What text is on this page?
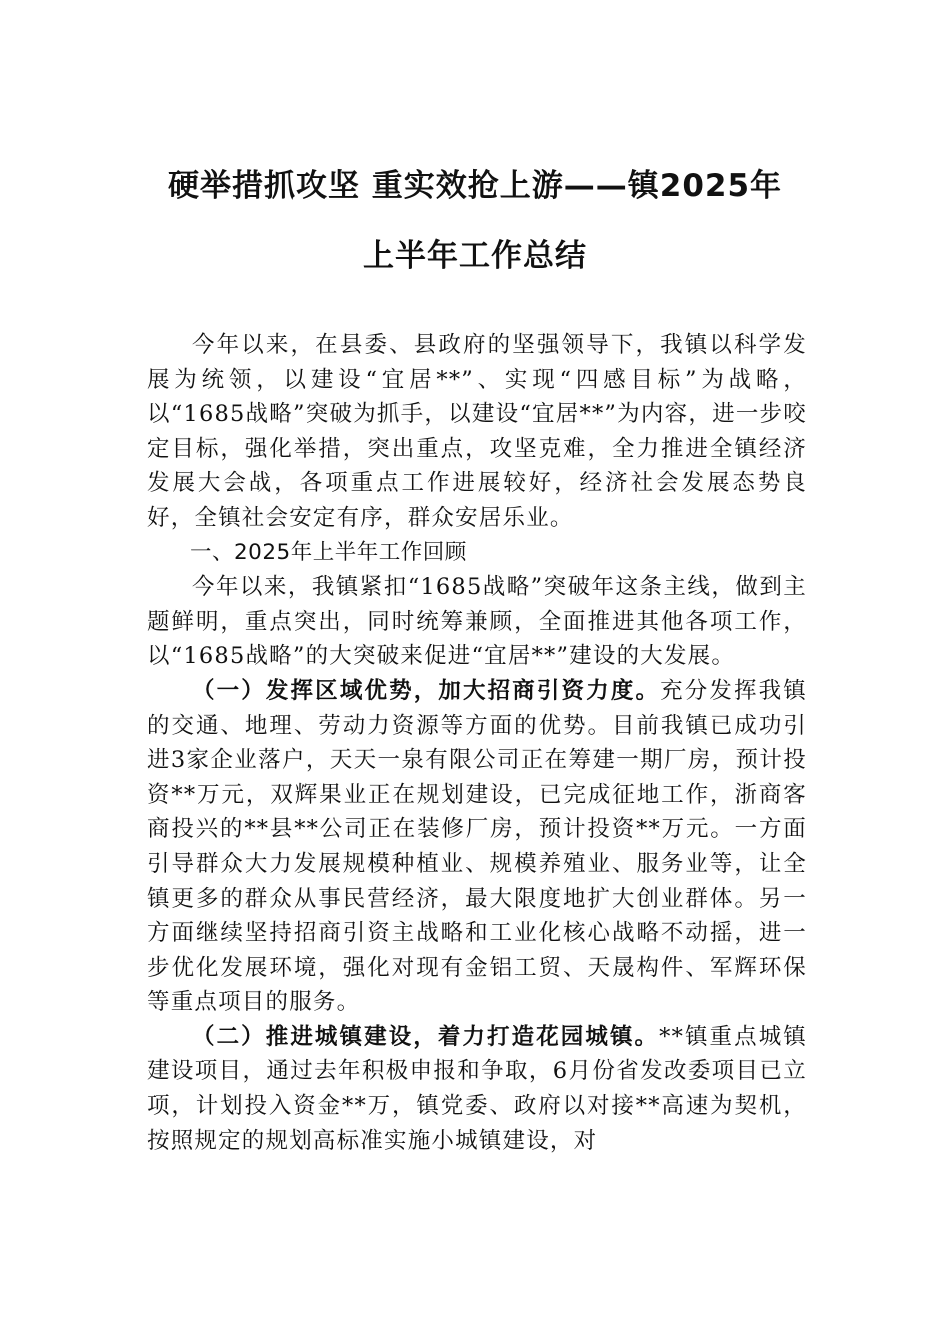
硬举措抓攻坚 重实效抢上游——镇2025年
上半年工作总结

今年以来，在县委、县政府的坚强领导下，我镇以科学发展为统领，以建设“宜居**”、实现“四感目标”为战略，以“1685战略”突破为抓手，以建设“宜居**”为内容，进一步咬定目标，强化举措，突出重点，攻坚克难，全力推进全镇经济发展大会战，各项重点工作进展较好，经济社会发展态势良好，全镇社会安定有序，群众安居乐业。

一、2025年上半年工作回顾

今年以来，我镇紧扣“1685战略”突破年这条主线，做到主题鲜明，重点突出，同时统筹兼顾，全面推进其他各项工作，以“1685战略”的大突破来促进“宜居**”建设的大发展。

（一）发挥区域优势，加大招商引资力度。充分发挥我镇的交通、地理、劳动力资源等方面的优势。目前我镇已成功引进3家企业落户，天天一泉有限公司正在筹建一期厂房，预计投资**万元，双辉果业正在规划建设，已完成征地工作，浙商客商投兴的**县**公司正在装修厂房，预计投资**万元。一方面引导群众大力发展规模种植业、规模养殖业、服务业等，让全镇更多的群众从事民营经济，最大限度地扩大创业群体。另一方面继续坚持招商引资主战略和工业化核心战略不动摇，进一步优化发展环境，强化对现有金铝工贸、天晟构件、军辉环保等重点项目的服务。

（二）推进城镇建设，着力打造花园城镇。**镇重点城镇建设项目，通过去年积极申报和争取，6月份省发改委项目已立项，计划投入资金**万，镇党委、政府以对接**高速为契机，按照规定的规划高标准实施小城镇建设，对
